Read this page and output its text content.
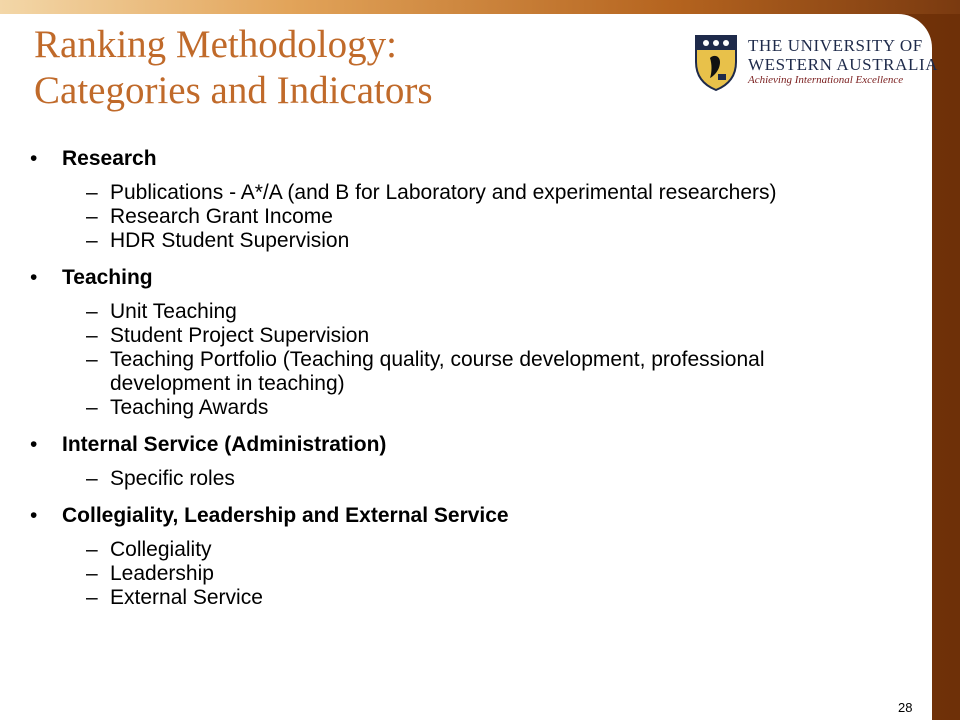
Ranking Methodology:
Categories and Indicators
THE UNIVERSITY OF
WESTERN AUSTRALIA
Achieving International Excellence
• Research
– Publications - A*/A (and B for Laboratory and experimental researchers)
– Research Grant Income
– HDR Student Supervision
• Teaching
– Unit Teaching
– Student Project Supervision
– Teaching Portfolio (Teaching quality, course development, professional development in teaching)
– Teaching Awards
• Internal Service (Administration)
– Specific roles
• Collegiality, Leadership and External Service
– Collegiality
– Leadership
– External Service
28
